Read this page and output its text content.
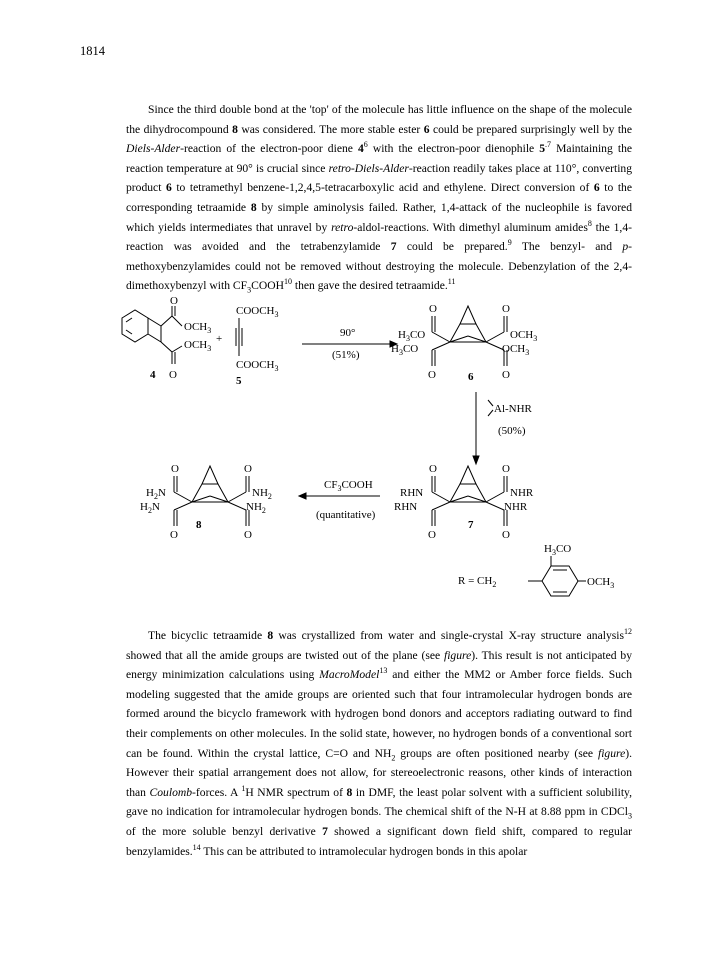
1814

Since the third double bond at the 'top' of the molecule has little influence on the shape of the molecule the dihydrocompound 8 was considered. The more stable ester 6 could be prepared surprisingly well by the Diels-Alder-reaction of the electron-poor diene $4^6$ with the electron-poor dienophile $5^{.7}$ Maintaining the reaction temperature at 90° is crucial since retro-Diels-Alder-reaction readily takes place at 110°, converting product 6 to tetramethyl benzene-1,2,4,5-tetracarboxylic acid and ethylene. Direct conversion of 6 to the corresponding tetraamide 8 by simple aminolysis failed. Rather, 1,4-attack of the nucleophile is favored which yields intermediates that unravel by retro-aldol-reactions. With dimethyl aluminum amides$^8$ the 1,4-reaction was avoided and the tetrabenzylamide 7 could be prepared.$^9$ The benzyl- and p-methoxybenzylamides could not be removed without destroying the molecule. Debenzylation of the 2,4-dimethoxybenzyl with $CF_3COOH^{10}$ then gave the desired tetraamide.$^{11}$

O
$OCH_3$
$OCH_3$
O
4
+
$COOCH_3$
$COOCH_3$
5
90°
(51%)
O	O
$H_3CO$
$H_3CO$
$OCH_3$
$OCH_3$
O	O
6
Al-NHR
(50%)
O	O
RHN
RHN
NHR
NHR
O	O
7
$CF_3COOH$
(quantitative)
O	O
$H_2N$
$H_2N$
$NH_2$
$NH_2$
O	O
8
$H_3CO$
$R = CH_2$	$OCH_3$

The bicyclic tetraamide 8 was crystallized from water and single-crystal X-ray structure analysis$^{12}$ showed that all the amide groups are twisted out of the plane (see figure). This result is not anticipated by energy minimization calculations using MacroModel$^{13}$ and either the MM2 or Amber force fields. Such modeling suggested that the amide groups are oriented such that four intramolecular hydrogen bonds are formed around the bicyclo framework with hydrogen bond donors and acceptors radiating outward to find their complements on other molecules. In the solid state, however, no hydrogen bonds of a conventional sort can be found. Within the crystal lattice, C=O and $NH_2$ groups are often positioned nearby (see figure). However their spatial arrangement does not allow, for stereoelectronic reasons, other kinds of interaction than Coulomb-forces. A $^1$H NMR spectrum of 8 in DMF, the least polar solvent with a sufficient solubility, gave no indication for intramolecular hydrogen bonds. The chemical shift of the N-H at 8.88 ppm in CDCl$_3$ of the more soluble benzyl derivative 7 showed a significant down field shift, compared to regular benzylamides.$^{14}$ This can be attributed to intramolecular hydrogen bonds in this apolar
